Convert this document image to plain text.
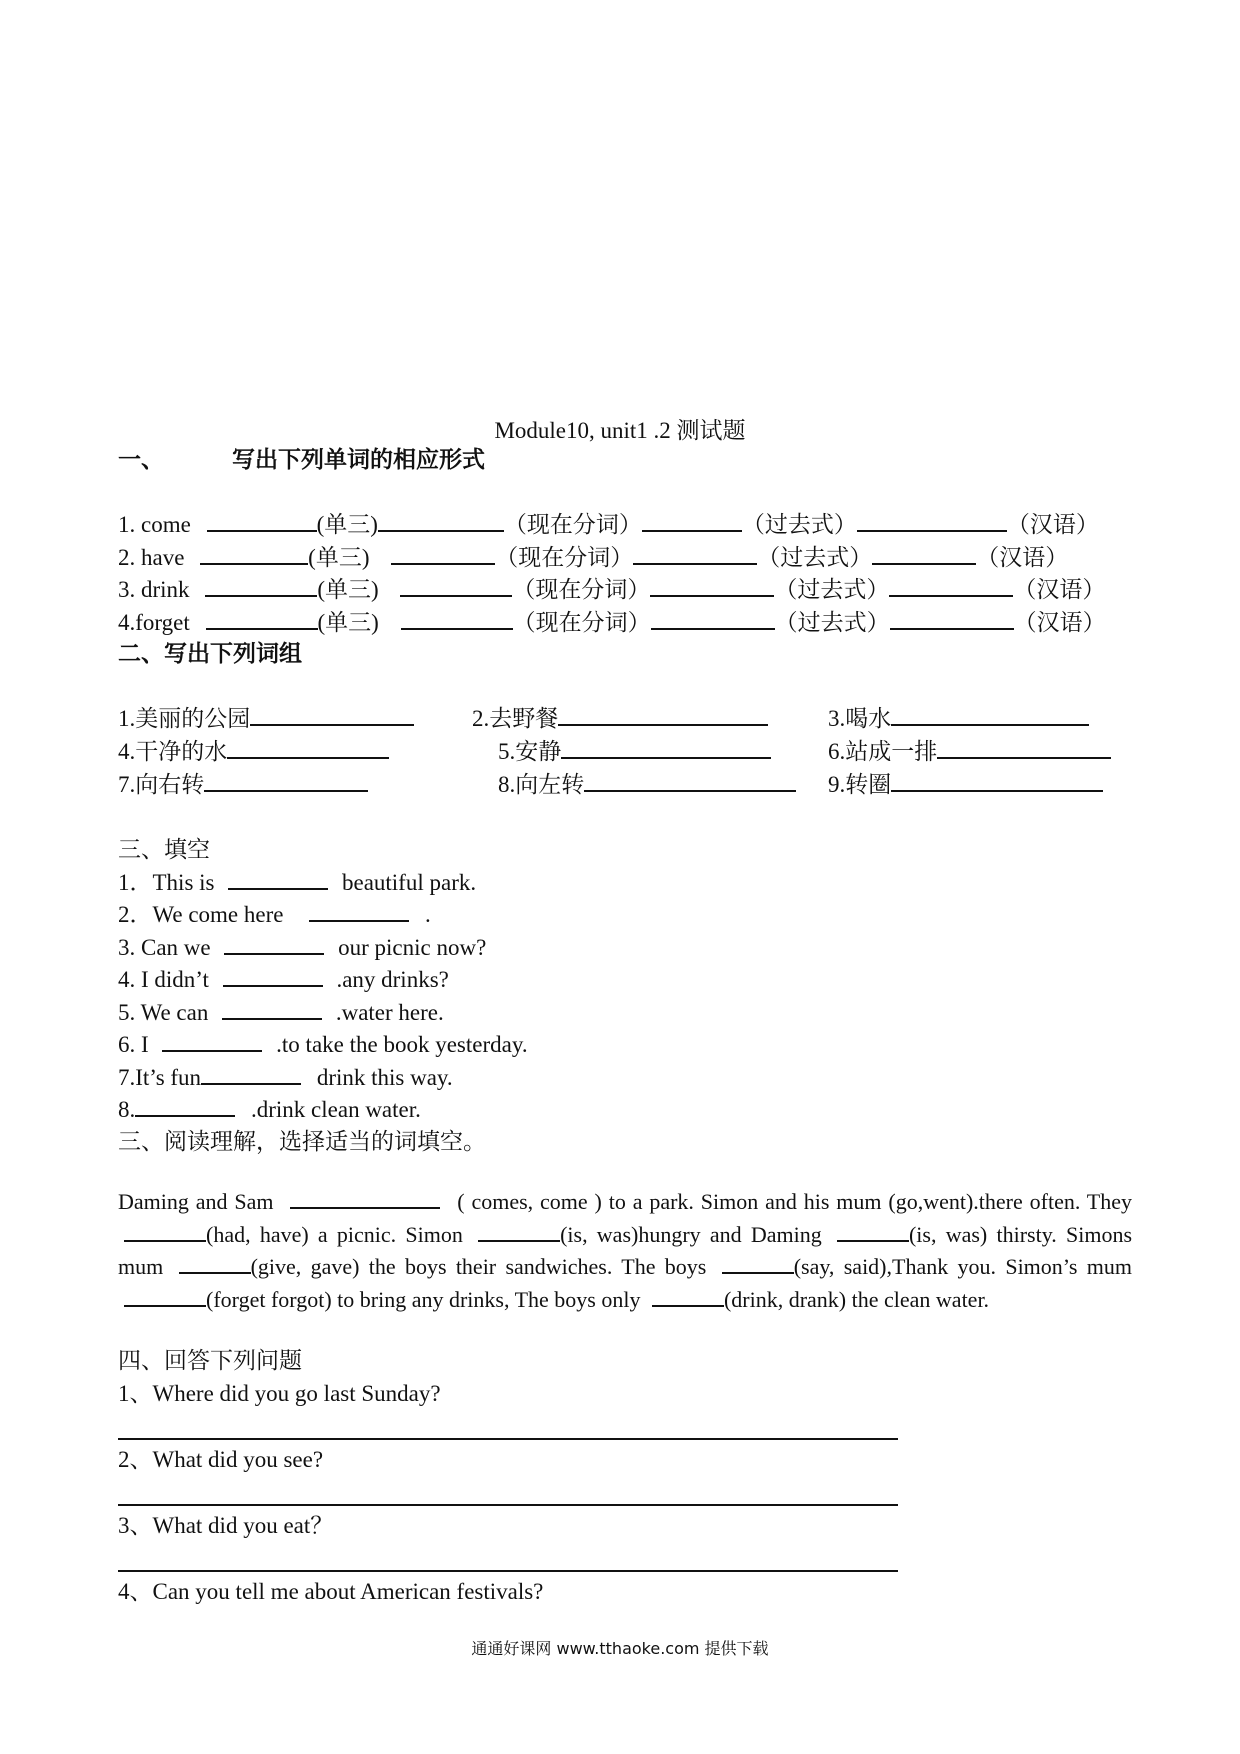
Module10, unit1 .2 测试题
一、	写出下列单词的相应形式
1. come	(单三)	（现在分词）	（过去式）	（汉语）
2. have	(单三)	（现在分词）	（过去式）	（汉语）
3. drink	(单三)	（现在分词）	（过去式）	（汉语）
4.forget	(单三)	（现在分词）	（过去式）	（汉语）
二、写出下列词组
1.美丽的公园	2.去野餐	3.喝水
4.干净的水	5.安静	6.站成一排
7.向右转	8.向左转	9.转圈
三、填空
1．This is	beautiful park.
2．We come here	.
3. Can we	our picnic now?
4. I didn’t	.any drinks?
5. We can	.water here.
6. I	.to take the book yesterday.
7.It’s fun	drink this way.
8.	.drink clean water.
三、阅读理解，选择适当的词填空。
Daming and Sam	( comes, come ) to a park. Simon and his mum (go,went).there often. They (had, have) a picnic. Simon	(is, was)hungry and Daming	(is, was) thirsty. Simons mum	(give, gave) the boys their sandwiches. The boys	(say, said),Thank you. Simon’s mum (forget forgot) to bring any drinks, The boys only	(drink, drank) the clean water.
四、回答下列问题
1、Where did you go last Sunday?
2、What did you see?
3、What did you eat？
4、Can you tell me about American festivals?
通通好课网 www.tthaoke.com 提供下载
